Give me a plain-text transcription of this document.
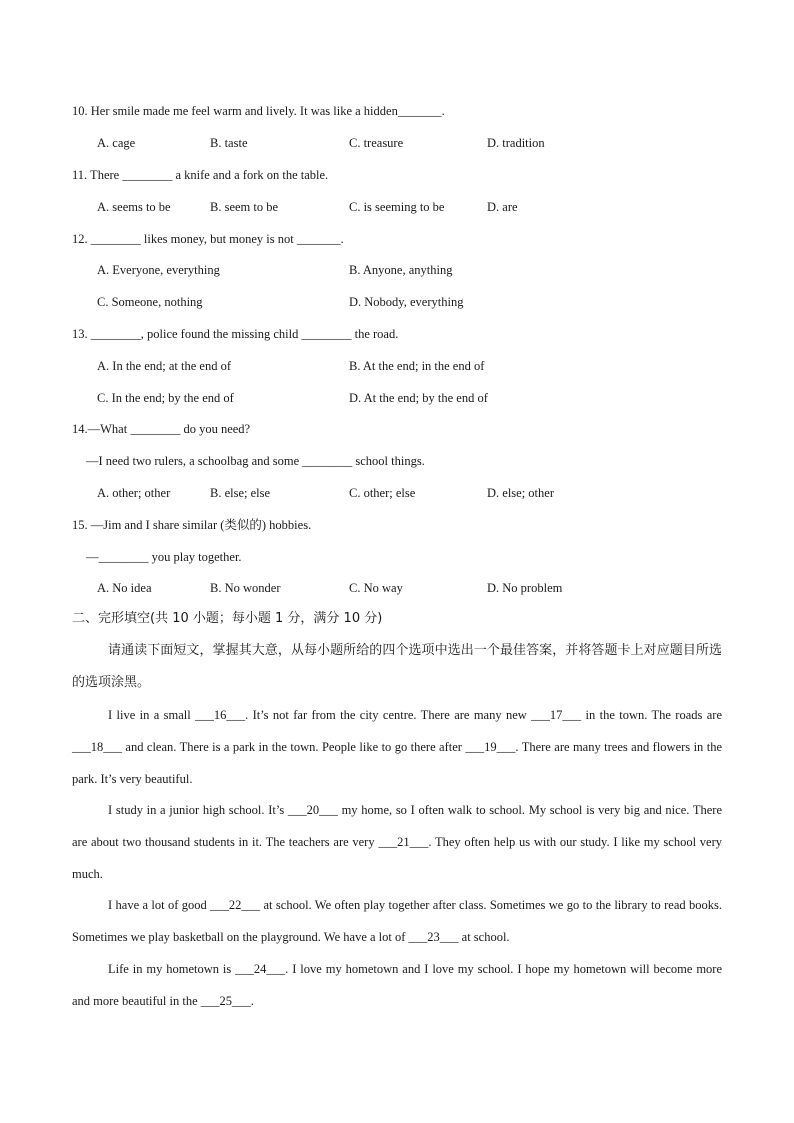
10. Her smile made me feel warm and lively. It was like a hidden_______.
A. cage	B. taste	C. treasure	D. tradition
11. There ________ a knife and a fork on the table.
A. seems to be	B. seem to be	C. is seeming to be	D. are
12. ________ likes money, but money is not _______.
A. Everyone, everything	B. Anyone, anything
C. Someone, nothing	D. Nobody, everything
13. ________, police found the missing child ________ the road.
A. In the end; at the end of	B. At the end; in the end of
C. In the end; by the end of	D. At the end; by the end of
14.—What ________ do you need?
—I need two rulers, a schoolbag and some ________ school things.
A. other; other	B. else; else	C. other; else	D. else; other
15. —Jim and I share similar (类似的) hobbies.
—________ you play together.
A. No idea	B. No wonder	C. No way	D. No problem
二、完形填空(共 10 小题；每小题 1 分，满分 10 分)
请通读下面短文，掌握其大意，从每小题所给的四个选项中选出一个最佳答案，并将答题卡上对应题目所选的选项涂黑。
I live in a small ___16___. It’s not far from the city centre. There are many new ___17___ in the town. The roads are ___18___ and clean. There is a park in the town. People like to go there after ___19___. There are many trees and flowers in the park. It’s very beautiful.
I study in a junior high school. It’s ___20___ my home, so I often walk to school. My school is very big and nice. There are about two thousand students in it. The teachers are very ___21___. They often help us with our study. I like my school very much.
I have a lot of good ___22___ at school. We often play together after class. Sometimes we go to the library to read books. Sometimes we play basketball on the playground. We have a lot of ___23___ at school.
Life in my hometown is ___24___. I love my hometown and I love my school. I hope my hometown will become more and more beautiful in the ___25___.
